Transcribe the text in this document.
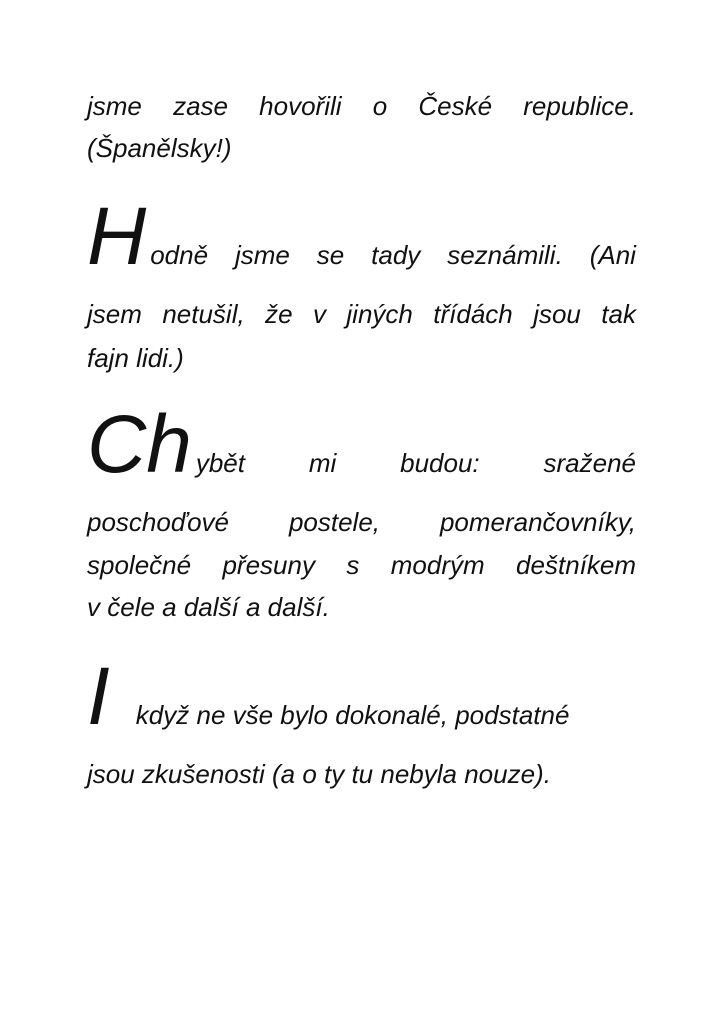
jsme zase hovořili o České republice.
(Španělsky!)
H odně jsme se tady seznámili. (Ani
jsem netušil, že v jiných třídách jsou tak
fajn lidi.)
Ch ybět mi budou: sražené
poschoďové postele, pomerančovníky,
společné přesuny s modrým deštníkem
v čele a další a další.
I když ne vše bylo dokonalé, podstatné
jsou zkušenosti (a o ty tu nebyla nouze).
